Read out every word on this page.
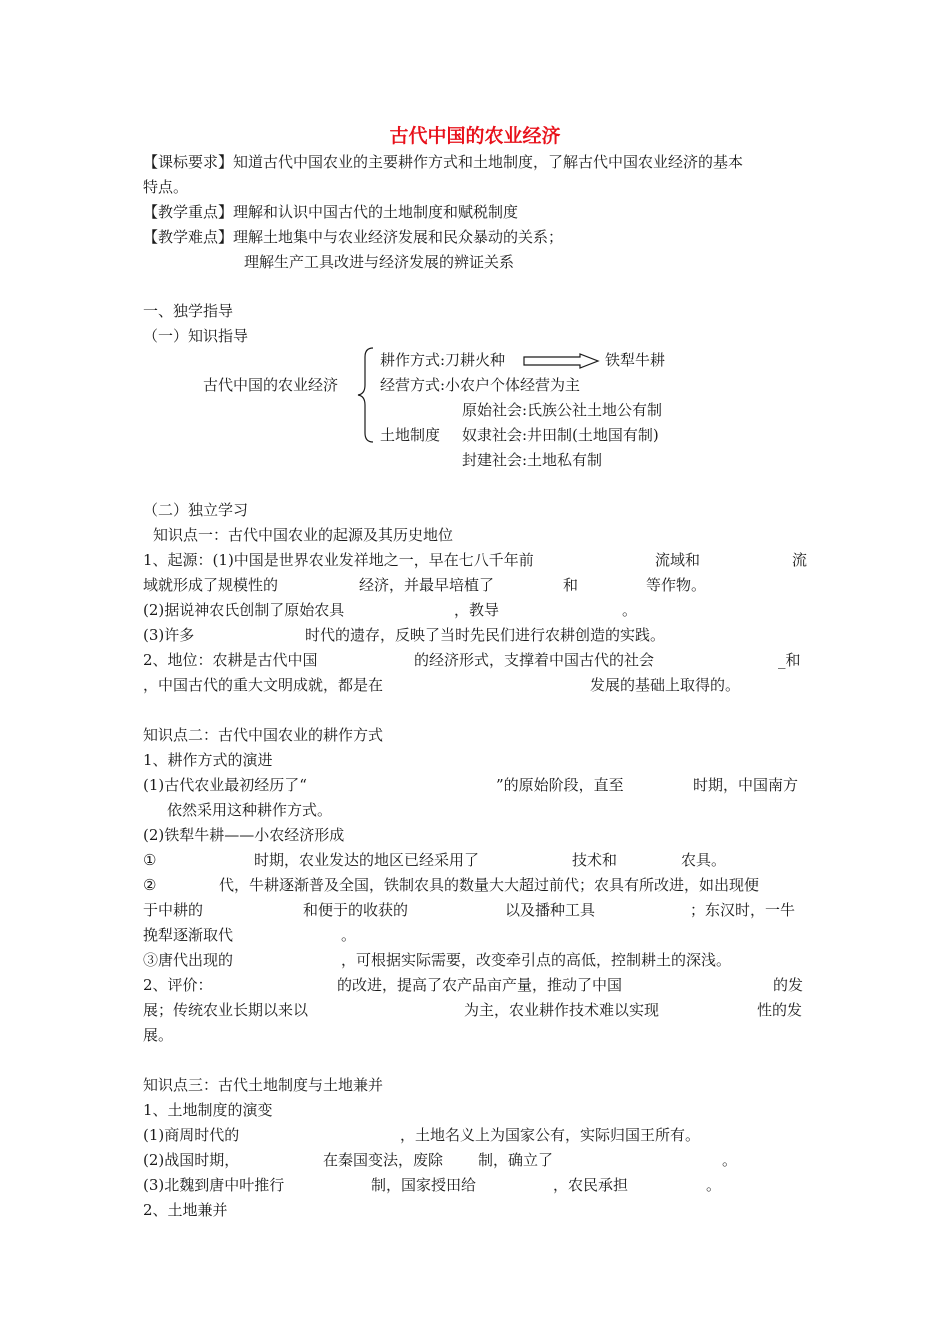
古代中国的农业经济
【课标要求】知道古代中国农业的主要耕作方式和土地制度，了解古代中国农业经济的基本
特点。
【教学重点】理解和认识中国古代的土地制度和赋税制度
【教学难点】理解土地集中与农业经济发展和民众暴动的关系；
理解生产工具改进与经济发展的辨证关系
一、独学指导
（一）知识指导
古代中国的农业经济
耕作方式:刀耕火种	铁犁牛耕
经营方式:小农户个体经营为主
原始社会:氏族公社土地公有制
土地制度 奴隶社会:井田制(土地国有制)
封建社会:土地私有制
（二）独立学习
知识点一：古代中国农业的起源及其历史地位
1、起源：(1)中国是世界农业发祥地之一，早在七八千年前	流域和	流
域就形成了规模性的	经济，并最早培植了	和	等作物。
(2)据说神农氏创制了原始农具	，教导	。
(3)许多	时代的遗存，反映了当时先民们进行农耕创造的实践。
2、地位：农耕是古代中国	的经济形式，支撑着中国古代的社会	_和
，中国古代的重大文明成就，都是在	发展的基础上取得的。
知识点二：古代中国农业的耕作方式
1、耕作方式的演进
(1)古代农业最初经历了“	”的原始阶段，直至	时期，中国南方
依然采用这种耕作方式。
(2)铁犁牛耕——小农经济形成
①	时期，农业发达的地区已经采用了	技术和	农具。
②	代，牛耕逐渐普及全国，铁制农具的数量大大超过前代；农具有所改进，如出现便
于中耕的	和便于的收获的	以及播种工具	；东汉时，一牛
挽犁逐渐取代	。
③唐代出现的	，可根据实际需要，改变牵引点的高低，控制耕土的深浅。
2、评价：	的改进，提高了农产品亩产量，推动了中国	的发
展；传统农业长期以来以	为主，农业耕作技术难以实现	性的发
展。
知识点三：古代土地制度与土地兼并
1、土地制度的演变
(1)商周时代的	，土地名义上为国家公有，实际归国王所有。
(2)战国时期，	在秦国变法，废除 制，确立了	。
(3)北魏到唐中叶推行	制，国家授田给	，农民承担	。
2、土地兼并
